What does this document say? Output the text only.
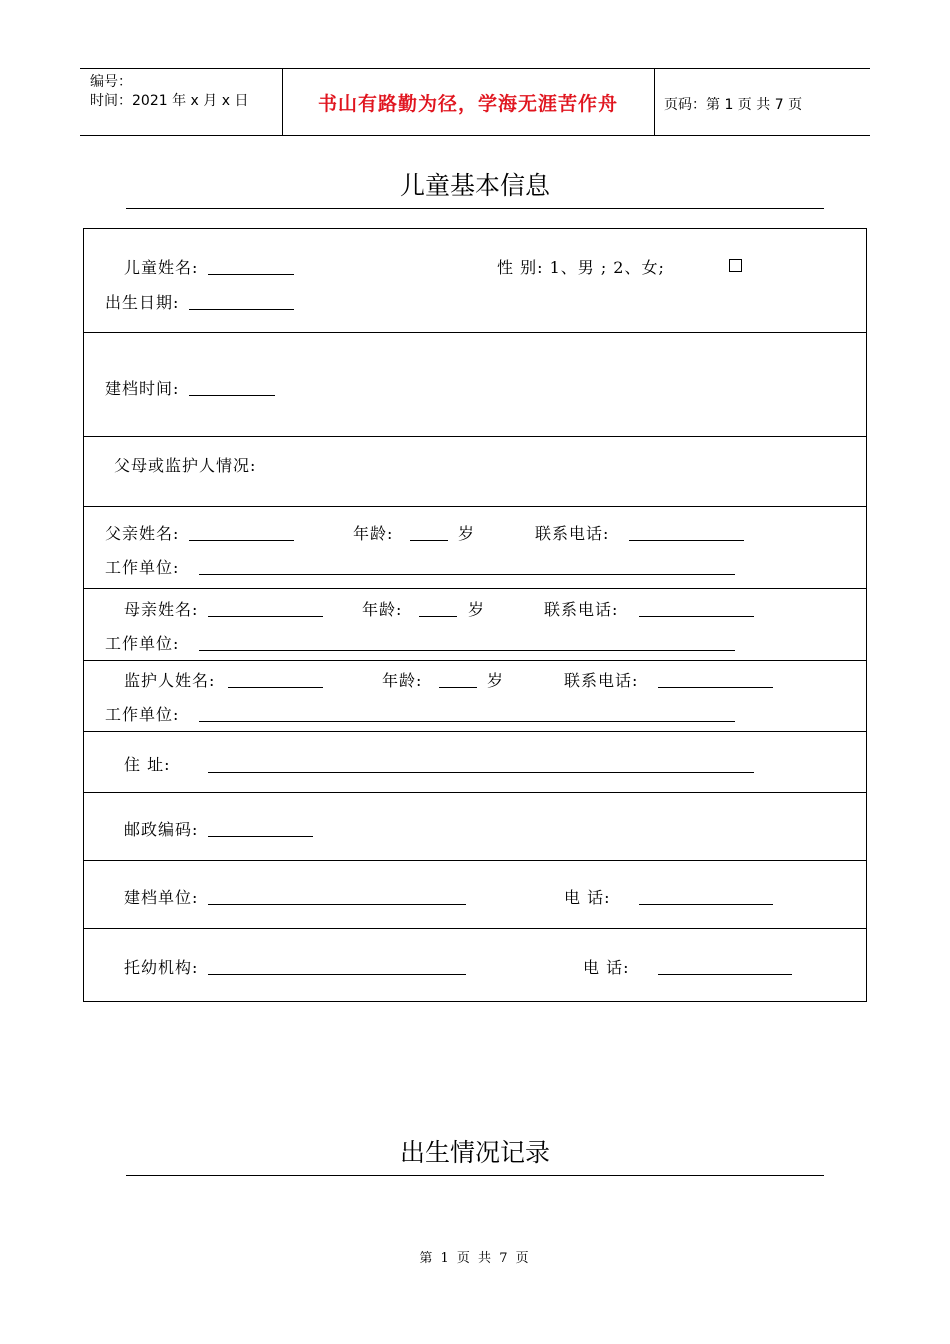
编号：
时间：2021 年 x 月 x 日	书山有路勤为径，学海无涯苦作舟	页码：第 1 页 共 7 页
儿童基本信息
儿童姓名:	性 别: 1、男 ; 2、女;
出生日期:
建档时间:
父母或监护人情况:
父亲姓名:	年龄:	岁	联系电话:
工作单位:
母亲姓名:	年龄:	岁	联系电话:
工作单位:
监护人姓名:	年龄:	岁	联系电话:
工作单位:
住 址:
邮政编码:
建档单位:	电 话:
托幼机构:	电 话:
出生情况记录
第 1 页 共 7 页
